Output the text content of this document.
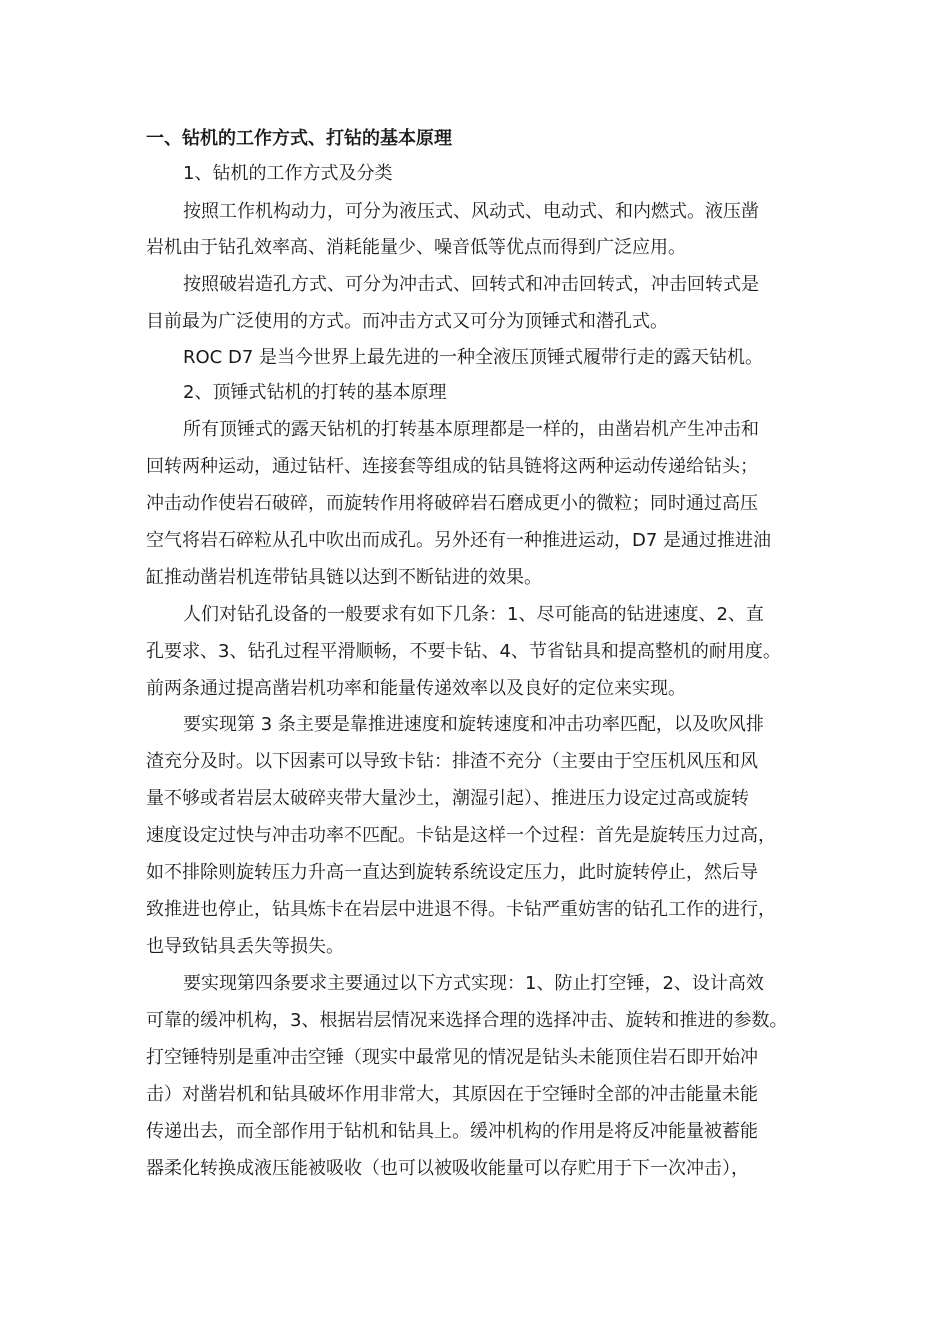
一、钻机的工作方式、打钻的基本原理

1、钻机的工作方式及分类

按照工作机构动力，可分为液压式、风动式、电动式、和内燃式。液压凿

岩机由于钻孔效率高、消耗能量少、噪音低等优点而得到广泛应用。

按照破岩造孔方式、可分为冲击式、回转式和冲击回转式，冲击回转式是

目前最为广泛使用的方式。而冲击方式又可分为顶锤式和潜孔式。

ROC D7 是当今世界上最先进的一种全液压顶锤式履带行走的露天钻机。

2、顶锤式钻机的打转的基本原理

所有顶锤式的露天钻机的打转基本原理都是一样的，由凿岩机产生冲击和

回转两种运动，通过钻杆、连接套等组成的钻具链将这两种运动传递给钻头；

冲击动作使岩石破碎，而旋转作用将破碎岩石磨成更小的微粒；同时通过高压

空气将岩石碎粒从孔中吹出而成孔。另外还有一种推进运动，D7 是通过推进油

缸推动凿岩机连带钻具链以达到不断钻进的效果。

人们对钻孔设备的一般要求有如下几条：1、尽可能高的钻进速度、2、直

孔要求、3、钻孔过程平滑顺畅，不要卡钻、4、节省钻具和提高整机的耐用度。

前两条通过提高凿岩机功率和能量传递效率以及良好的定位来实现。

要实现第 3 条主要是靠推进速度和旋转速度和冲击功率匹配，以及吹风排

渣充分及时。以下因素可以导致卡钻：排渣不充分（主要由于空压机风压和风

量不够或者岩层太破碎夹带大量沙土，潮湿引起）、推进压力设定过高或旋转

速度设定过快与冲击功率不匹配。卡钻是这样一个过程：首先是旋转压力过高，

如不排除则旋转压力升高一直达到旋转系统设定压力，此时旋转停止，然后导

致推进也停止，钻具炼卡在岩层中进退不得。卡钻严重妨害的钻孔工作的进行，

也导致钻具丢失等损失。

要实现第四条要求主要通过以下方式实现：1、防止打空锤，2、设计高效

可靠的缓冲机构，3、根据岩层情况来选择合理的选择冲击、旋转和推进的参数。

打空锤特别是重冲击空锤（现实中最常见的情况是钻头未能顶住岩石即开始冲

击）对凿岩机和钻具破坏作用非常大，其原因在于空锤时全部的冲击能量未能

传递出去，而全部作用于钻机和钻具上。缓冲机构的作用是将反冲能量被蓄能

器柔化转换成液压能被吸收（也可以被吸收能量可以存贮用于下一次冲击），
